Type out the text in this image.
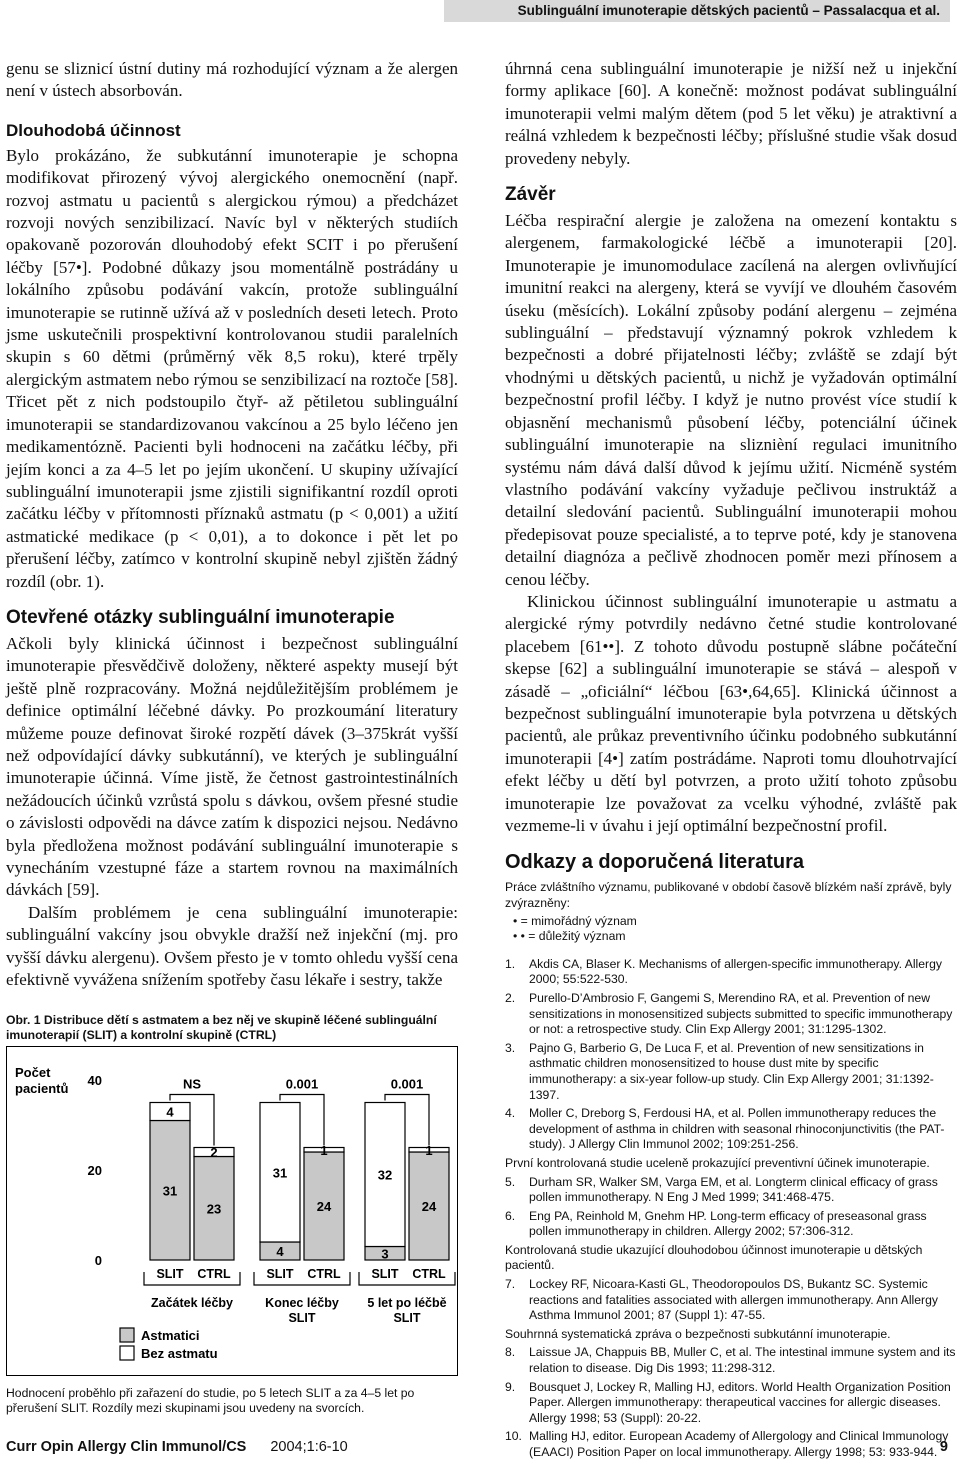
Sublinguální imunoterapie dětských pacientů – Passalacqua et al.

genu se sliznicí ústní dutiny má rozhodující význam a že alergen není v ústech absorbován.

Dlouhodobá účinnost

Bylo prokázáno, že subkutánní imunoterapie je schopna modifikovat přirozený vývoj alergického onemocnění (např. rozvoj astmatu u pacientů s alergickou rýmou) a předcházet rozvoji nových senzibilizací. Navíc byl v některých studiích opakovaně pozorován dlouhodobý efekt SCIT i po přerušení léčby [57•]. Podobné důkazy jsou momentálně postrádány u lokálního způsobu podávání vakcín, protože sublinguální imunoterapie se rutinně užívá až v posledních deseti letech. Proto jsme uskutečnili prospektivní kontrolovanou studii paralelních skupin s 60 dětmi (průměrný věk 8,5 roku), které trpěly alergickým astmatem nebo rýmou se senzibilizací na roztoče [58]. Třicet pět z nich podstoupilo čtyř- až pětiletou sublinguální imunoterapii se standardizovanou vakcínou a 25 bylo léčeno jen medikamentózně. Pacienti byli hodnoceni na začátku léčby, při jejím konci a za 4–5 let po jejím ukončení. U skupiny užívající sublinguální imunoterapii jsme zjistili signifikantní rozdíl oproti začátku léčby v přítomnosti příznaků astmatu (p < 0,001) a užití astmatické medikace (p < 0,01), a to dokonce i pět let po přerušení léčby, zatímco v kontrolní skupině nebyl zjištěn žádný rozdíl (obr. 1).

Otevřené otázky sublinguální imunoterapie

Ačkoli byly klinická účinnost i bezpečnost sublinguální imunoterapie přesvědčivě doloženy, některé aspekty musejí být ještě plně rozpracovány. Možná nejdůležitějším problémem je definice optimální léčebné dávky. Po prozkoumání literatury můžeme pouze definovat široké rozpětí dávek (3–375krát vyšší než odpovídající dávky subkutánní), ve kterých je sublinguální imunoterapie účinná. Víme jistě, že četnost gastrointestinálních nežádoucích účinků vzrůstá spolu s dávkou, ovšem přesné studie o závislosti odpovědi na dávce zatím k dispozici nejsou. Nedávno byla předložena možnost podávání sublinguální imunoterapie s vynecháním vzestupné fáze a startem rovnou na maximálních dávkách [59].

Dalším problémem je cena sublinguální imunoterapie: sublinguální vakcíny jsou obvykle dražší než injekční (mj. pro vyšší dávku alergenu). Ovšem přesto je v tomto ohledu vyšší cena efektivně vyvážena snížením spotřeby času lékaře i sestry, takže

Obr. 1 Distribuce dětí s astmatem a bez něj ve skupině léčené sublinguální imunoterapií (SLIT) a kontrolní skupině (CTRL)
Počet
pacientů
0
20
40
31
4
SLIT
23
2
CTRL
NS
Začátek léčby
4
31
SLIT
24
1
CTRL
0.001
Konec léčby
SLIT
3
32
SLIT
24
1
CTRL
0.001
5 let po léčbě
SLIT
Astmatici
Bez astmatu
Hodnocení proběhlo při zařazení do studie, po 5 letech SLIT a za 4–5 let po přerušení SLIT. Rozdíly mezi skupinami jsou uvedeny na svorcích.

úhrnná cena sublinguální imunoterapie je nižší než u injekční formy aplikace [60]. A konečně: možnost podávat sublinguální imunoterapii velmi malým dětem (pod 5 let věku) je atraktivní a reálná vzhledem k bezpečnosti léčby; příslušné studie však dosud provedeny nebyly.

Závěr

Léčba respirační alergie je založena na omezení kontaktu s alergenem, farmakologické léčbě a imunoterapii [20]. Imunoterapie je imunomodulace zacílená na alergen ovlivňující imunitní reakci na alergeny, která se vyvíjí ve dlouhém časovém úseku (měsících). Lokální způsoby podání alergenu – zejména sublinguální – představují významný pokrok vzhledem k bezpečnosti a dobré přijatelnosti léčby; zvláště se zdají být vhodnými u dětských pacientů, u nichž je vyžadován optimální bezpečnostní profil léčby. I když je nutno provést více studií k objasnění mechanismů působení léčby, potenciální účinek sublinguální imunoterapie na sliznièní regulaci imunitního systému nám dává další důvod k jejímu užití. Nicméně systém vlastního podávání vakcíny vyžaduje pečlivou instruktáž a detailní sledování pacientů. Sublinguální imunoterapii mohou předepisovat pouze specialisté, a to teprve poté, kdy je stanovena detailní diagnóza a pečlivě zhodnocen poměr mezi přínosem a cenou léčby.

Klinickou účinnost sublinguální imunoterapie u astmatu a alergické rýmy potvrdily nedávno četné studie kontrolované placebem [61••]. Z tohoto důvodu postupně slábne počáteční skepse [62] a sublinguální imunoterapie se stává – alespoň v zásadě – „oficiální“ léčbou [63•,64,65]. Klinická účinnost a bezpečnost sublinguální imunoterapie byla potvrzena u dětských pacientů, ale průkaz preventivního účinku podobného subkutánní imunoterapii [4•] zatím postrádáme. Naproti tomu dlouhotrvající efekt léčby u dětí byl potvrzen, a proto užití tohoto způsobu imunoterapie lze považovat za vcelku výhodné, zvláště pak vezmeme-li v úvahu i její optimální bezpečnostní profil.

Odkazy a doporučená literatura

Práce zvláštního významu, publikované v období časově blízkém naší zprávě, byly zvýrazněny:

• = mimořádný význam
• • = důležitý význam
1. Akdis CA, Blaser K. Mechanisms of allergen-specific immunotherapy. Allergy 2000; 55:522-530.
2. Purello-D’Ambrosio F, Gangemi S, Merendino RA, et al. Prevention of new sensitizations in monosensitized subjects submitted to specific immunotherapy or not: a retrospective study. Clin Exp Allergy 2001; 31:1295-1302.
3. Pajno G, Barberio G, De Luca F, et al. Prevention of new sensitizations in asthmatic children monosensitized to house dust mite by specific immunotherapy: a six-year follow-up study. Clin Exp Allergy 2001; 31:1392-1397.
4. Moller C, Dreborg S, Ferdousi HA, et al. Pollen immunotherapy reduces the development of asthma in children with seasonal rhinoconjunctivitis (the PAT-study). J Allergy Clin Immunol 2002; 109:251-256.
První kontrolovaná studie uceleně prokazující preventivní účinek imunoterapie.
5. Durham SR, Walker SM, Varga EM, et al. Longterm clinical efficacy of grass pollen immunotherapy. N Eng J Med 1999; 341:468-475.
6. Eng PA, Reinhold M, Gnehm HP. Long-term efficacy of preseasonal grass pollen immunotherapy in children. Allergy 2002; 57:306-312.
Kontrolovaná studie ukazující dlouhodobou účinnost imunoterapie u dětských pacientů.
7. Lockey RF, Nicoara-Kasti GL, Theodoropoulos DS, Bukantz SC. Systemic reactions and fatalities associated with allergen immunotherapy. Ann Allergy Asthma Immunol 2001; 87 (Suppl 1): 47-55.
Souhrnná systematická zpráva o bezpečnosti subkutánní imunoterapie.
8. Laissue JA, Chappuis BB, Muller C, et al. The intestinal immune system and its relation to disease. Dig Dis 1993; 11:298-312.
9. Bousquet J, Lockey R, Malling HJ, editors. World Health Organization Position Paper. Allergen immunotherapy: therapeutical vaccines for allergic diseases. Allergy 1998; 53 (Suppl): 20-22.
10. Malling HJ, editor. European Academy of Allergology and Clinical Immunology (EAACI) Position Paper on local immunotherapy. Allergy 1998; 53: 933-944.
Curr Opin Allergy Clin Immunol/CS 2004;1:6-10	9
